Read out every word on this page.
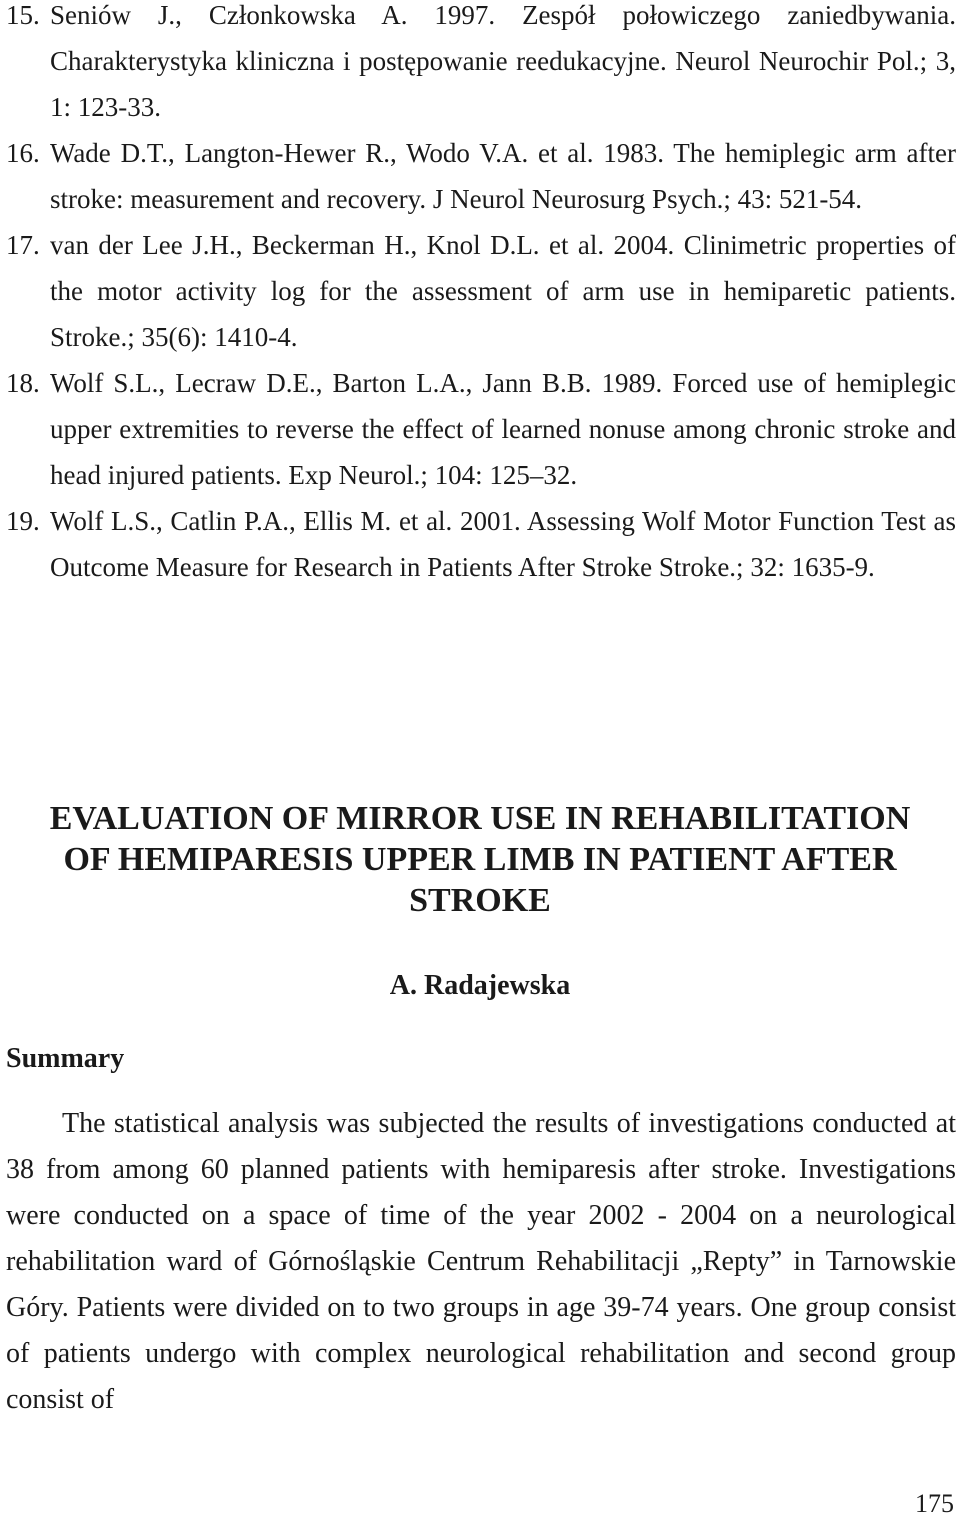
15. Seniów J., Członkowska A. 1997. Zespół połowiczego zaniedbywania. Charakterystyka kliniczna i postępowanie reedukacyjne. Neurol Neurochir Pol.; 3, 1: 123-33.
16. Wade D.T., Langton-Hewer R., Wodo V.A. et al. 1983. The hemiplegic arm after stroke: measurement and recovery. J Neurol Neurosurg Psych.; 43: 521-54.
17. van der Lee J.H., Beckerman H., Knol D.L. et al. 2004. Clinimetric properties of the motor activity log for the assessment of arm use in hemiparetic patients. Stroke.; 35(6): 1410-4.
18. Wolf S.L., Lecraw D.E., Barton L.A., Jann B.B. 1989. Forced use of hemiplegic upper extremities to reverse the effect of learned nonuse among chronic stroke and head injured patients. Exp Neurol.; 104: 125–32.
19. Wolf L.S., Catlin P.A., Ellis M. et al. 2001. Assessing Wolf Motor Function Test as Outcome Measure for Research in Patients After Stroke Stroke.; 32: 1635-9.
EVALUATION OF MIRROR USE IN REHABILITATION
OF HEMIPARESIS UPPER LIMB IN PATIENT AFTER
STROKE
A. Radajewska
Summary

The statistical analysis was subjected the results of investigations conducted at 38 from among 60 planned patients with hemiparesis after stroke. Investigations were conducted on a space of time of the year 2002 - 2004 on a neurological rehabilitation ward of Górnośląskie Centrum Rehabilitacji „Repty” in Tarnowskie Góry. Patients were divided on to two groups in age 39-74 years. One group consist of patients undergo with complex neurological rehabilitation and second group consist of

175
